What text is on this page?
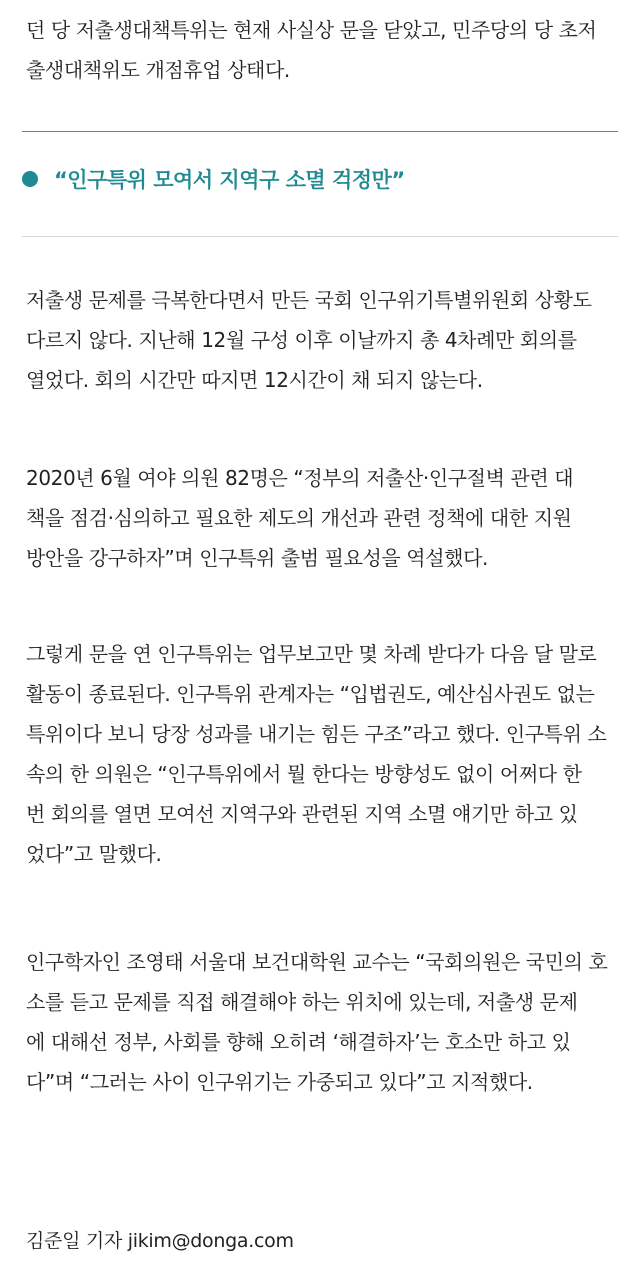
던 당 저출생대책특위는 현재 사실상 문을 닫았고, 민주당의 당 초저
출생대책위도 개점휴업 상태다.

“인구특위 모여서 지역구 소멸 걱정만”

저출생 문제를 극복한다면서 만든 국회 인구위기특별위원회 상황도
다르지 않다. 지난해 12월 구성 이후 이날까지 총 4차례만 회의를
열었다. 회의 시간만 따지면 12시간이 채 되지 않는다.

2020년 6월 여야 의원 82명은 “정부의 저출산·인구절벽 관련 대
책을 점검·심의하고 필요한 제도의 개선과 관련 정책에 대한 지원
방안을 강구하자”며 인구특위 출범 필요성을 역설했다.

그렇게 문을 연 인구특위는 업무보고만 몇 차례 받다가 다음 달 말로
활동이 종료된다. 인구특위 관계자는 “입법권도, 예산심사권도 없는
특위이다 보니 당장 성과를 내기는 힘든 구조”라고 했다. 인구특위 소
속의 한 의원은 “인구특위에서 뭘 한다는 방향성도 없이 어쩌다 한
번 회의를 열면 모여선 지역구와 관련된 지역 소멸 얘기만 하고 있
었다”고 말했다.

인구학자인 조영태 서울대 보건대학원 교수는 “국회의원은 국민의 호
소를 듣고 문제를 직접 해결해야 하는 위치에 있는데, 저출생 문제
에 대해선 정부, 사회를 향해 오히려 ‘해결하자’는 호소만 하고 있
다”며 “그러는 사이 인구위기는 가중되고 있다”고 지적했다.

김준일 기자 jikim@donga.com
